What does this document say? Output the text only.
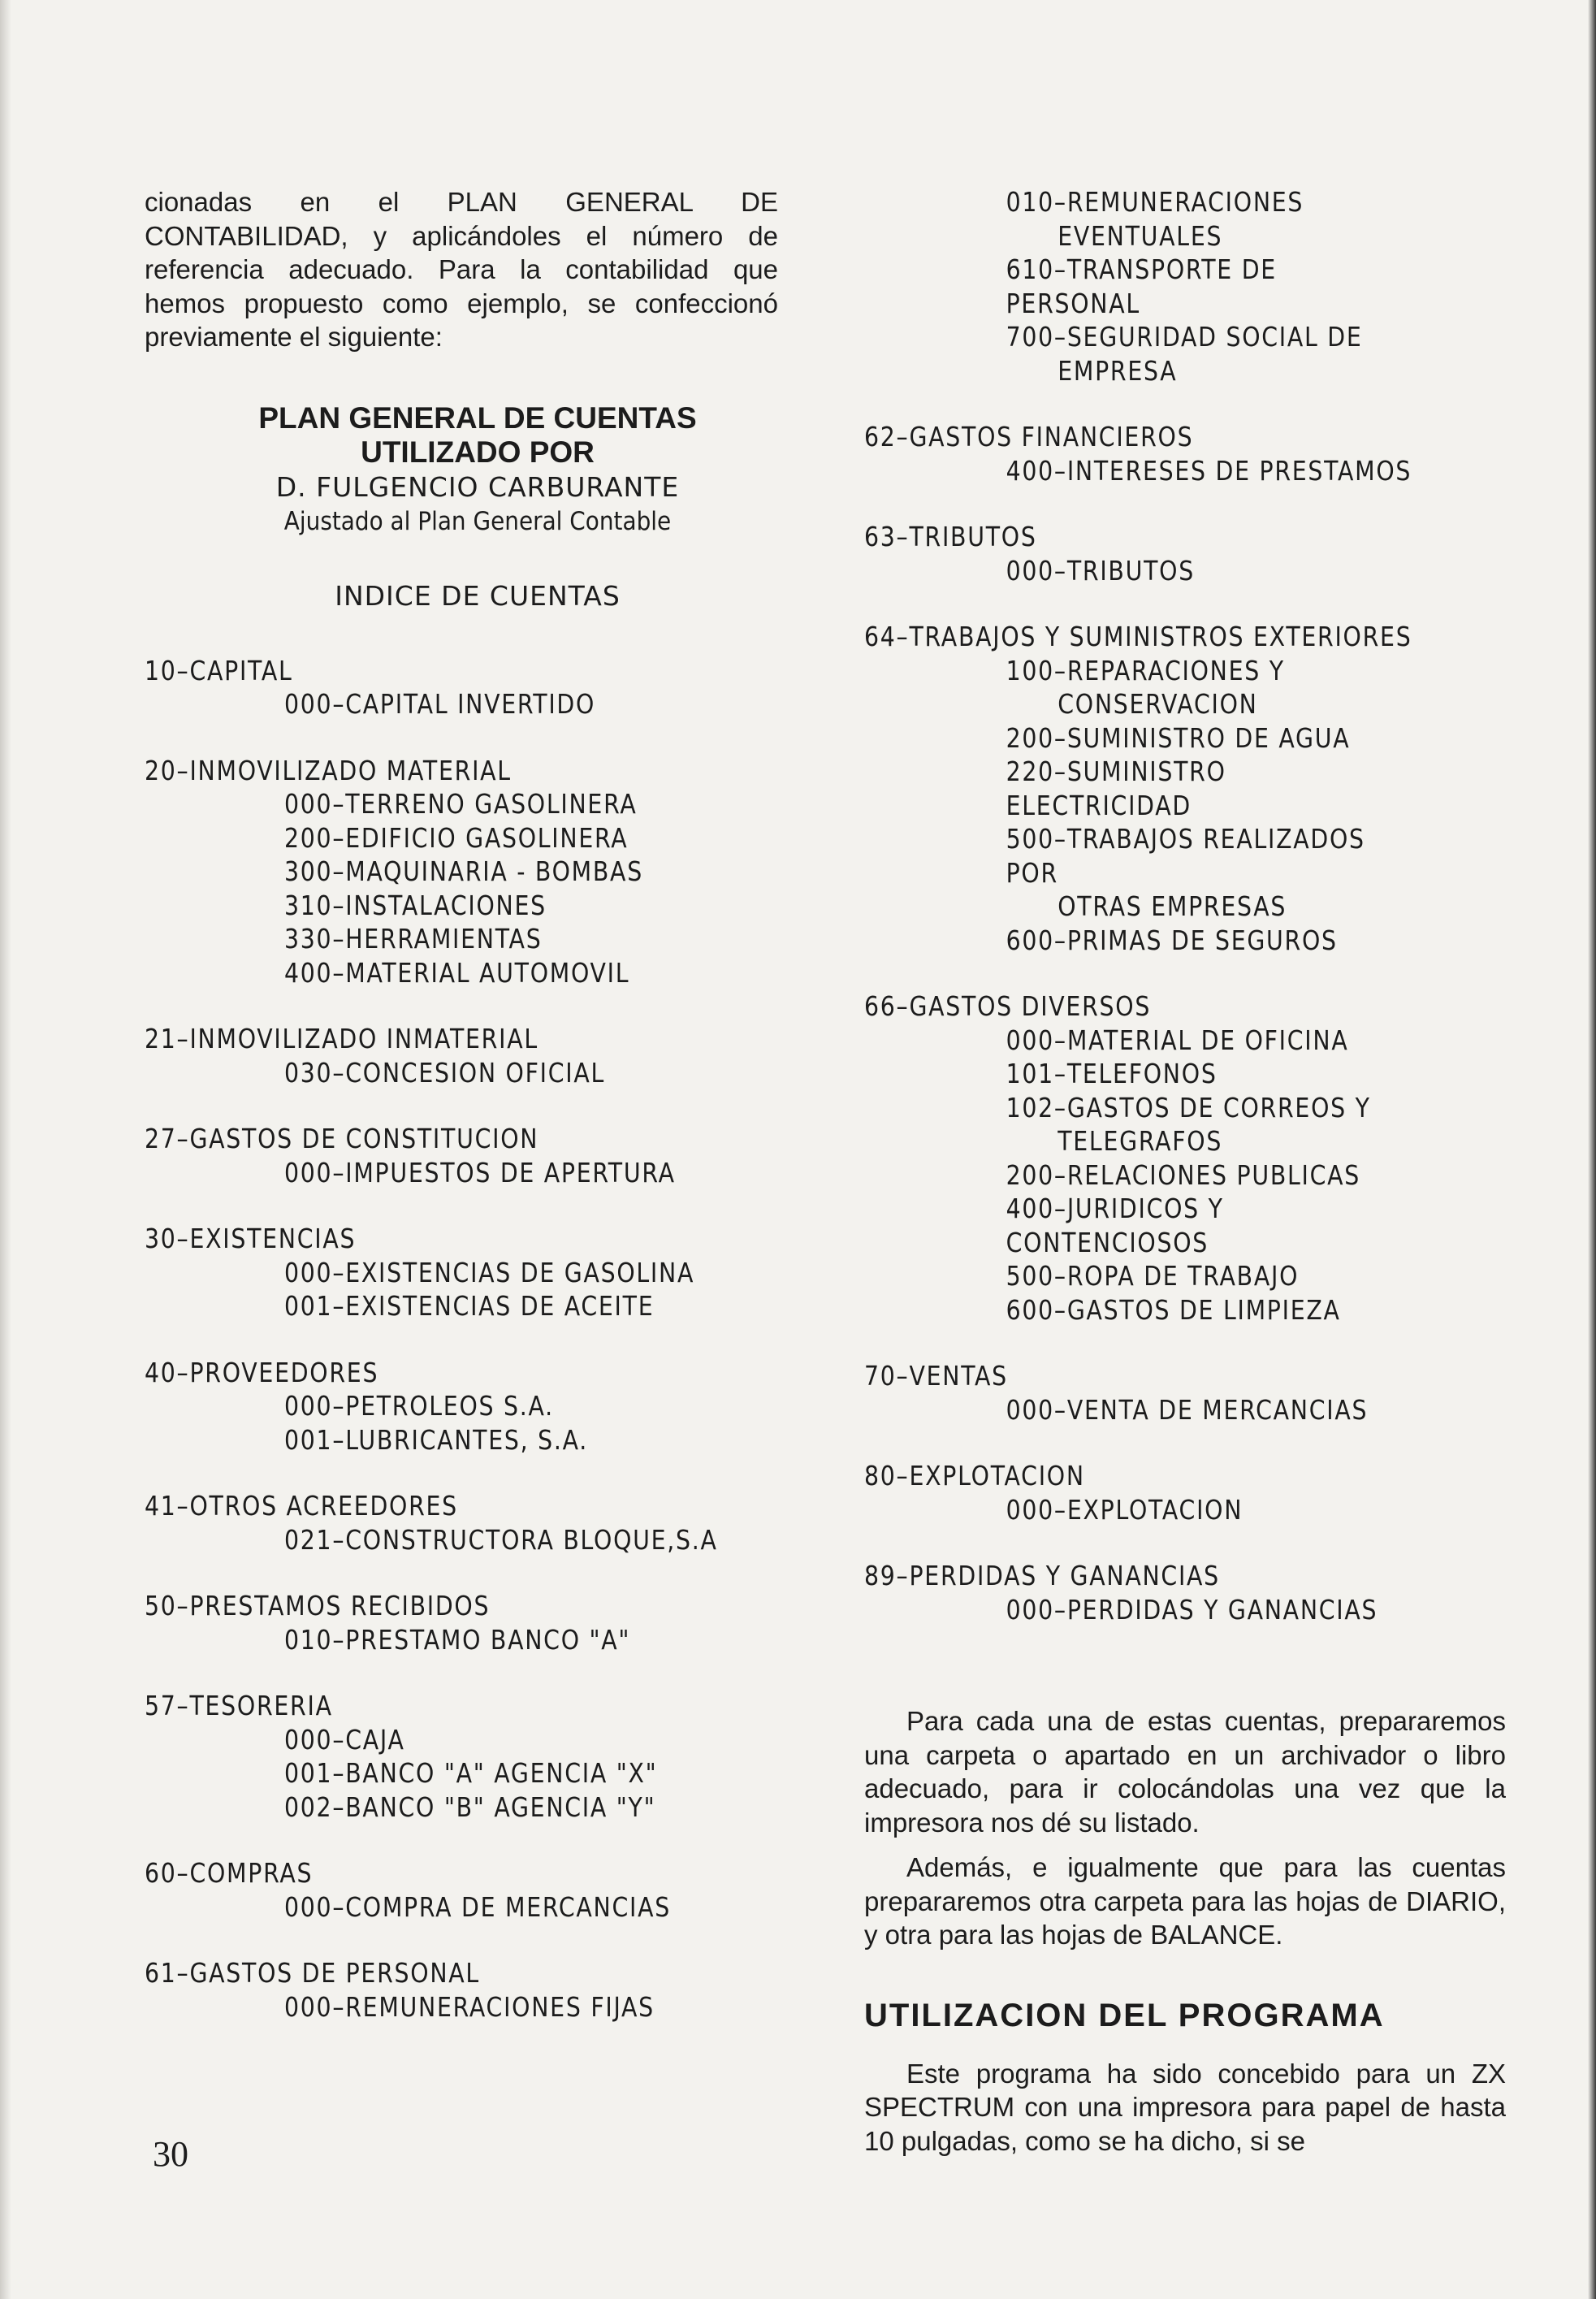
cionadas en el PLAN GENERAL DE CONTABILIDAD, y aplicándoles el número de referencia adecuado. Para la contabilidad que hemos propuesto como ejemplo, se confeccionó previamente el siguiente:

PLAN GENERAL DE CUENTAS
UTILIZADO POR
D. FULGENCIO CARBURANTE
Ajustado al Plan General Contable
INDICE DE CUENTAS
10–CAPITAL
000–CAPITAL INVERTIDO
20–INMOVILIZADO MATERIAL
000–TERRENO GASOLINERA
200–EDIFICIO GASOLINERA
300–MAQUINARIA - BOMBAS
310–INSTALACIONES
330–HERRAMIENTAS
400–MATERIAL AUTOMOVIL
21–INMOVILIZADO INMATERIAL
030–CONCESION OFICIAL
27–GASTOS DE CONSTITUCION
000–IMPUESTOS DE APERTURA
30–EXISTENCIAS
000–EXISTENCIAS DE GASOLINA
001–EXISTENCIAS DE ACEITE
40–PROVEEDORES
000–PETROLEOS S.A.
001–LUBRICANTES, S.A.
41–OTROS ACREEDORES
021–CONSTRUCTORA BLOQUE,S.A
50–PRESTAMOS RECIBIDOS
010–PRESTAMO BANCO "A"
57–TESORERIA
000–CAJA
001–BANCO "A" AGENCIA "X"
002–BANCO "B" AGENCIA "Y"
60–COMPRAS
000–COMPRA DE MERCANCIAS
61–GASTOS DE PERSONAL
000–REMUNERACIONES FIJAS
010–REMUNERACIONES
EVENTUALES
610–TRANSPORTE DE PERSONAL
700–SEGURIDAD SOCIAL DE
EMPRESA
62–GASTOS FINANCIEROS
400–INTERESES DE PRESTAMOS
63–TRIBUTOS
000–TRIBUTOS
64–TRABAJOS Y SUMINISTROS EXTERIORES
100–REPARACIONES Y
CONSERVACION
200–SUMINISTRO DE AGUA
220–SUMINISTRO ELECTRICIDAD
500–TRABAJOS REALIZADOS POR
OTRAS EMPRESAS
600–PRIMAS DE SEGUROS
66–GASTOS DIVERSOS
000–MATERIAL DE OFICINA
101–TELEFONOS
102–GASTOS DE CORREOS Y
TELEGRAFOS
200–RELACIONES PUBLICAS
400–JURIDICOS Y CONTENCIOSOS
500–ROPA DE TRABAJO
600–GASTOS DE LIMPIEZA
70–VENTAS
000–VENTA DE MERCANCIAS
80–EXPLOTACION
000–EXPLOTACION
89–PERDIDAS Y GANANCIAS
000–PERDIDAS Y GANANCIAS

Para cada una de estas cuentas, prepararemos una carpeta o apartado en un archivador o libro adecuado, para ir colocándolas una vez que la impresora nos dé su listado.

Además, e igualmente que para las cuentas prepararemos otra carpeta para las hojas de DIARIO, y otra para las hojas de BALANCE.

UTILIZACION DEL PROGRAMA

Este programa ha sido concebido para un ZX SPECTRUM con una impresora para papel de hasta 10 pulgadas, como se ha dicho, si se

30
